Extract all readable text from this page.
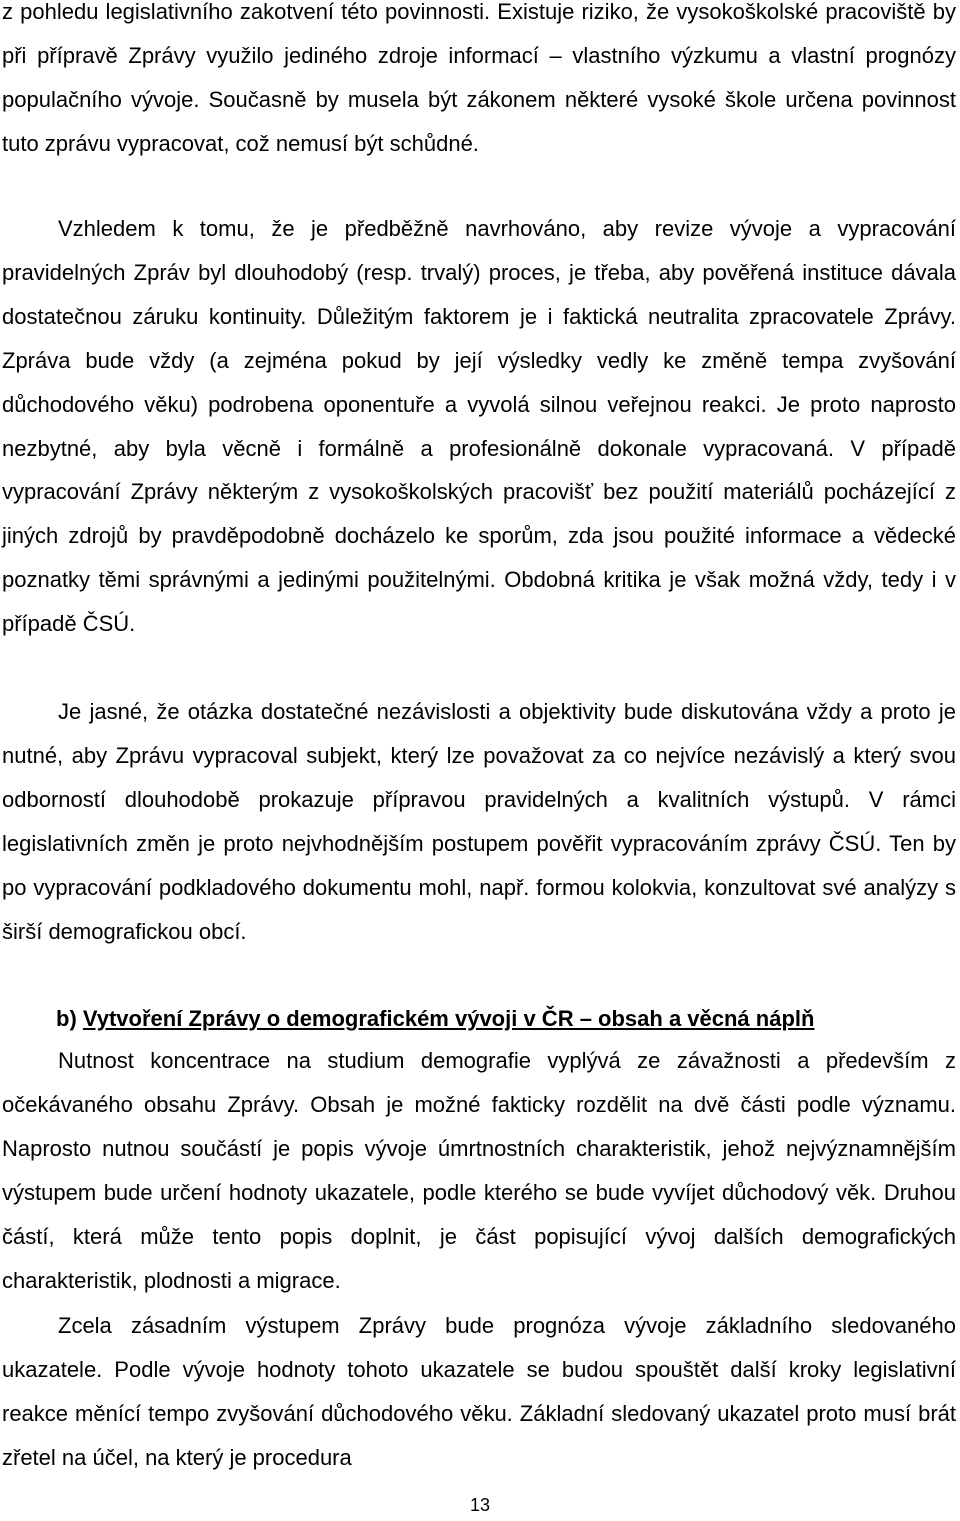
z pohledu legislativního zakotvení této povinnosti. Existuje riziko, že vysokoškolské pracoviště by při přípravě Zprávy využilo jediného zdroje informací – vlastního výzkumu a vlastní prognózy populačního vývoje. Současně by musela být zákonem některé vysoké škole určena povinnost tuto zprávu vypracovat, což nemusí být schůdné.

Vzhledem k tomu, že je předběžně navrhováno, aby revize vývoje a vypracování pravidelných Zpráv byl dlouhodobý (resp. trvalý) proces, je třeba, aby pověřená instituce dávala dostatečnou záruku kontinuity. Důležitým faktorem je i faktická neutralita zpracovatele Zprávy. Zpráva bude vždy (a zejména pokud by její výsledky vedly ke změně tempa zvyšování důchodového věku) podrobena oponentuře a vyvolá silnou veřejnou reakci. Je proto naprosto nezbytné, aby byla věcně i formálně a profesionálně dokonale vypracovaná. V případě vypracování Zprávy některým z vysokoškolských pracovišť bez použití materiálů pocházející z jiných zdrojů by pravděpodobně docházelo ke sporům, zda jsou použité informace a vědecké poznatky těmi správnými a jedinými použitelnými. Obdobná kritika je však možná vždy, tedy i v případě ČSÚ.

Je jasné, že otázka dostatečné nezávislosti a objektivity bude diskutována vždy a proto je nutné, aby Zprávu vypracoval subjekt, který lze považovat za co nejvíce nezávislý a který svou odborností dlouhodobě prokazuje přípravou pravidelných a kvalitních výstupů. V rámci legislativních změn je proto nejvhodnějším postupem pověřit vypracováním zprávy ČSÚ. Ten by po vypracování podkladového dokumentu mohl, např. formou kolokvia, konzultovat své analýzy s širší demografickou obcí.

b) Vytvoření Zprávy o demografickém vývoji v ČR – obsah a věcná náplň

Nutnost koncentrace na studium demografie vyplývá ze závažnosti a především z očekávaného obsahu Zprávy. Obsah je možné fakticky rozdělit na dvě části podle významu. Naprosto nutnou součástí je popis vývoje úmrtnostních charakteristik, jehož nejvýznamnějším výstupem bude určení hodnoty ukazatele, podle kterého se bude vyvíjet důchodový věk. Druhou částí, která může tento popis doplnit, je část popisující vývoj dalších demografických charakteristik, plodnosti a migrace.

Zcela zásadním výstupem Zprávy bude prognóza vývoje základního sledovaného ukazatele. Podle vývoje hodnoty tohoto ukazatele se budou spouštět další kroky legislativní reakce měnící tempo zvyšování důchodového věku. Základní sledovaný ukazatel proto musí brát zřetel na účel, na který je procedura

13
